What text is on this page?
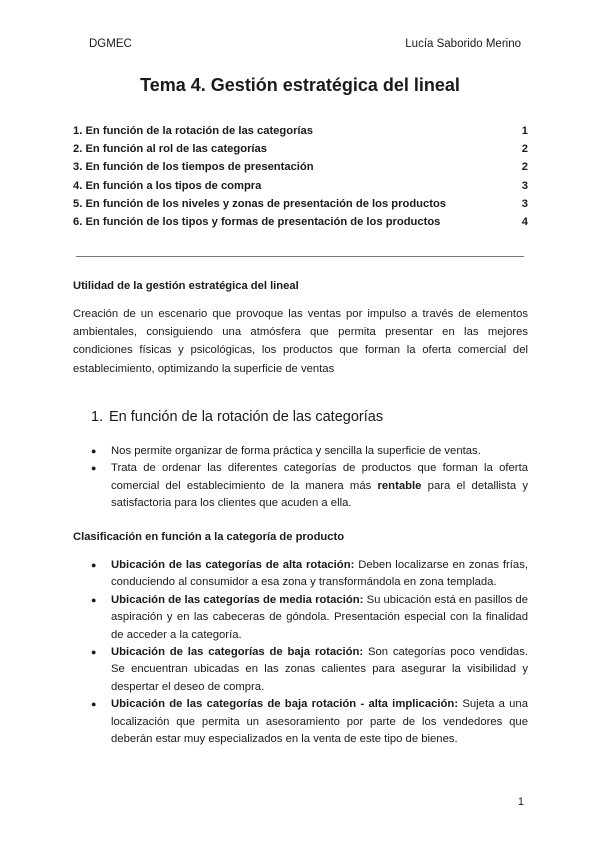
DGMEC	Lucía Saborido Merino
Tema 4. Gestión estratégica del lineal
1. En función de la rotación de las categorías	1
2. En función al rol de las categorías	2
3. En función de los tiempos de presentación	2
4. En función a los tipos de compra	3
5. En función de los niveles y zonas de presentación de los productos	3
6. En función de los tipos y formas de presentación de los productos	4
Utilidad de la gestión estratégica del lineal
Creación de un escenario que provoque las ventas por impulso a través de elementos ambientales, consiguiendo una atmósfera que permita presentar en las mejores condiciones físicas y psicológicas, los productos que forman la oferta comercial del establecimiento, optimizando la superficie de ventas
1. En función de la rotación de las categorías
● Nos permite organizar de forma práctica y sencilla la superficie de ventas.
● Trata de ordenar las diferentes categorías de productos que forman la oferta comercial del establecimiento de la manera más rentable para el detallista y satisfactoria para los clientes que acuden a ella.
Clasificación en función a la categoría de producto
● Ubicación de las categorías de alta rotación: Deben localizarse en zonas frías, conduciendo al consumidor a esa zona y transformándola en zona templada.
● Ubicación de las categorías de media rotación: Su ubicación está en pasillos de aspiración y en las cabeceras de góndola. Presentación especial con la finalidad de acceder a la categoría.
● Ubicación de las categorías de baja rotación: Son categorías poco vendidas. Se encuentran ubicadas en las zonas calientes para asegurar la visibilidad y despertar el deseo de compra.
● Ubicación de las categorías de baja rotación - alta implicación: Sujeta a una localización que permita un asesoramiento por parte de los vendedores que deberán estar muy especializados en la venta de este tipo de bienes.
1
